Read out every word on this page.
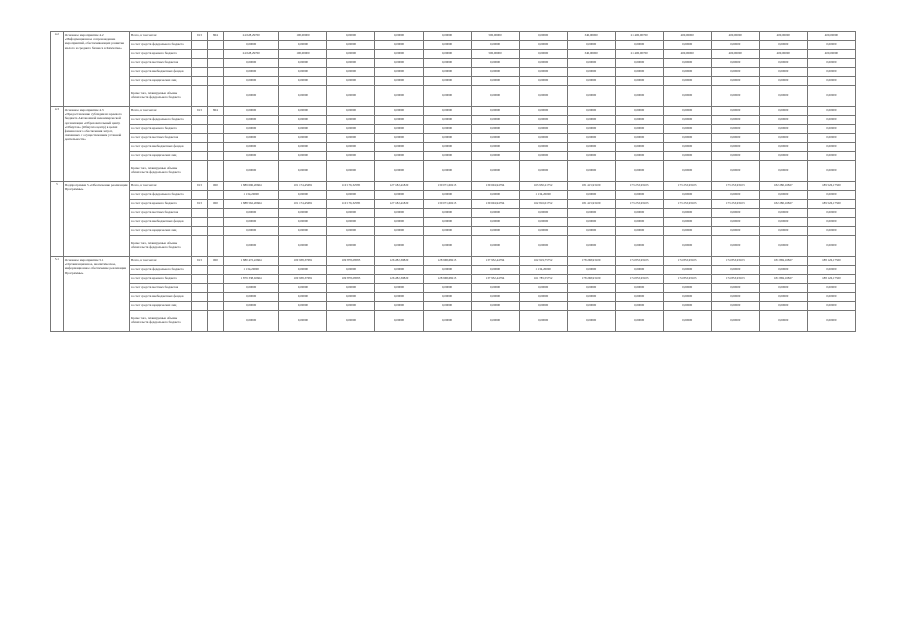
4.2	Основное мероприятие 4.2 «Информационное сопровождение мероприятий, обеспечивающих развитие малого и среднего бизнеса в Камчатке»	Всего, в том числе:	913	804	24 028,29700	100,00000	0,00000	0,00000	0,00000	500,00000	0,00000	340,00000	21 400,00700	400,00000	400,00000	400,00000	400,00000
		за счет средств федерального бюджета			0,00000	0,00000	0,00000	0,00000	0,00000	0,00000	0,00000	0,00000	0,00000	0,00000	0,00000	0,00000	0,00000
		за счет средств краевого бюджета			24 028,29700	100,00000	0,00000	0,00000	0,00000	500,00000	0,00000	340,00000	21 400,00700	400,00000	400,00000	400,00000	400,00000
		за счет средств местных бюджетов			0,00000	0,00000	0,00000	0,00000	0,00000	0,00000	0,00000	0,00000	0,00000	0,00000	0,00000	0,00000	0,00000
		за счет средств внебюджетных фондов			0,00000	0,00000	0,00000	0,00000	0,00000	0,00000	0,00000	0,00000	0,00000	0,00000	0,00000	0,00000	0,00000
		за счет средств юридических лиц			0,00000	0,00000	0,00000	0,00000	0,00000	0,00000	0,00000	0,00000	0,00000	0,00000	0,00000	0,00000	0,00000
		Кроме того, планируемые объемы обязательств федерального бюджета			0,00000	0,00000	0,00000	0,00000	0,00000	0,00000	0,00000	0,00000	0,00000	0,00000	0,00000	0,00000	0,00000
4.3	Основное мероприятие 4.3 «Предоставление субсидии из краевого бюджета Автономной некоммерческой организации «Образовательный центр «Обмулла» (Обмулла центр) в целях финансового обеспечения затрат, связанных с осуществлением уставной деятельности»	Всего, в том числе:	913	804	0,00000	0,00000	0,00000	0,00000	0,00000	0,00000	0,00000	0,00000	0,00000	0,00000	0,00000	0,00000	0,00000
		за счет средств федерального бюджета			0,00000	0,00000	0,00000	0,00000	0,00000	0,00000	0,00000	0,00000	0,00000	0,00000	0,00000	0,00000	0,00000
		за счет средств краевого бюджета			0,00000	0,00000	0,00000	0,00000	0,00000	0,00000	0,00000	0,00000	0,00000	0,00000	0,00000	0,00000	0,00000
		за счет средств местных бюджетов			0,00000	0,00000	0,00000	0,00000	0,00000	0,00000	0,00000	0,00000	0,00000	0,00000	0,00000	0,00000	0,00000
		за счет средств внебюджетных фондов			0,00000	0,00000	0,00000	0,00000	0,00000	0,00000	0,00000	0,00000	0,00000	0,00000	0,00000	0,00000	0,00000
		за счет средств юридических лиц			0,00000	0,00000	0,00000	0,00000	0,00000	0,00000	0,00000	0,00000	0,00000	0,00000	0,00000	0,00000	0,00000
		Кроме того, планируемые объемы обязательств федерального бюджета			0,00000	0,00000	0,00000	0,00000	0,00000	0,00000	0,00000	0,00000	0,00000	0,00000	0,00000	0,00000	0,00000
5	Подпрограмма 5 «Обеспечение реализации Программы»	Всего, в том числе:	913	000	1 889 696,20664	101 174,45681	110 176,32585	127 182,41820	130 071,60215	139 604,94794	163 950,21752	181 415,93109	173 253,93103	173 253,93103	173 253,93103	182 280,16827	189 526,17500
		за счет средств федерального бюджета			1 134,20000	0,00000	0,00000	0,00000	0,00000	0,00000	1 134,20000	0,00000	0,00000	0,00000	0,00000	0,00000	0,00000
		за счет средств краевого бюджета	913	000	1 888 562,20664	101 174,45681	110 176,32585	127 182,41820	130 071,60215	139 604,94794	162 816,01752	181 415,93109	173 253,93103	173 253,93103	173 253,93103	182 280,16827	189 526,17500
		за счет средств местных бюджетов			0,00000	0,00000	0,00000	0,00000	0,00000	0,00000	0,00000	0,00000	0,00000	0,00000	0,00000	0,00000	0,00000
		за счет средств внебюджетных фондов			0,00000	0,00000	0,00000	0,00000	0,00000	0,00000	0,00000	0,00000	0,00000	0,00000	0,00000	0,00000	0,00000
		за счет средств юридических лиц			0,00000	0,00000	0,00000	0,00000	0,00000	0,00000	0,00000	0,00000	0,00000	0,00000	0,00000	0,00000	0,00000
		Кроме того, планируемые объемы обязательств федерального бюджета			0,00000	0,00000	0,00000	0,00000	0,00000	0,00000	0,00000	0,00000	0,00000	0,00000	0,00000	0,00000	0,00000
5.1	Основное мероприятие 5.1 «Организационное, аналитическое, информационное обеспечение реализации Программы»	Всего, в том числе:	913	000	1 880 472,22664	100 938,37681	109 878,28585	126 282,30820	128 968,68215	137 952,44794	162 919,75752	178 268,93109	174 853,93103	174 853,93103	174 853,93103	181 869,16827	188 126,17500
		за счет средств федерального бюджета			1 134,20000	0,00000	0,00000	0,00000	0,00000	0,00000	1 134,20000	0,00000	0,00000	0,00000	0,00000	0,00000	0,00000
		за счет средств краевого бюджета			1 879 338,02664	100 938,37681	109 878,28585	126 282,30820	128 968,68215	137 952,44794	161 785,55752	178 268,93109	174 853,93103	174 853,93103	174 853,93103	181 869,16827	188 126,17500
		за счет средств местных бюджетов			0,00000	0,00000	0,00000	0,00000	0,00000	0,00000	0,00000	0,00000	0,00000	0,00000	0,00000	0,00000	0,00000
		за счет средств внебюджетных фондов			0,00000	0,00000	0,00000	0,00000	0,00000	0,00000	0,00000	0,00000	0,00000	0,00000	0,00000	0,00000	0,00000
		за счет средств юридических лиц			0,00000	0,00000	0,00000	0,00000	0,00000	0,00000	0,00000	0,00000	0,00000	0,00000	0,00000	0,00000	0,00000
		Кроме того, планируемые объемы обязательств федерального бюджета			0,00000	0,00000	0,00000	0,00000	0,00000	0,00000	0,00000	0,00000	0,00000	0,00000	0,00000	0,00000	0,00000
